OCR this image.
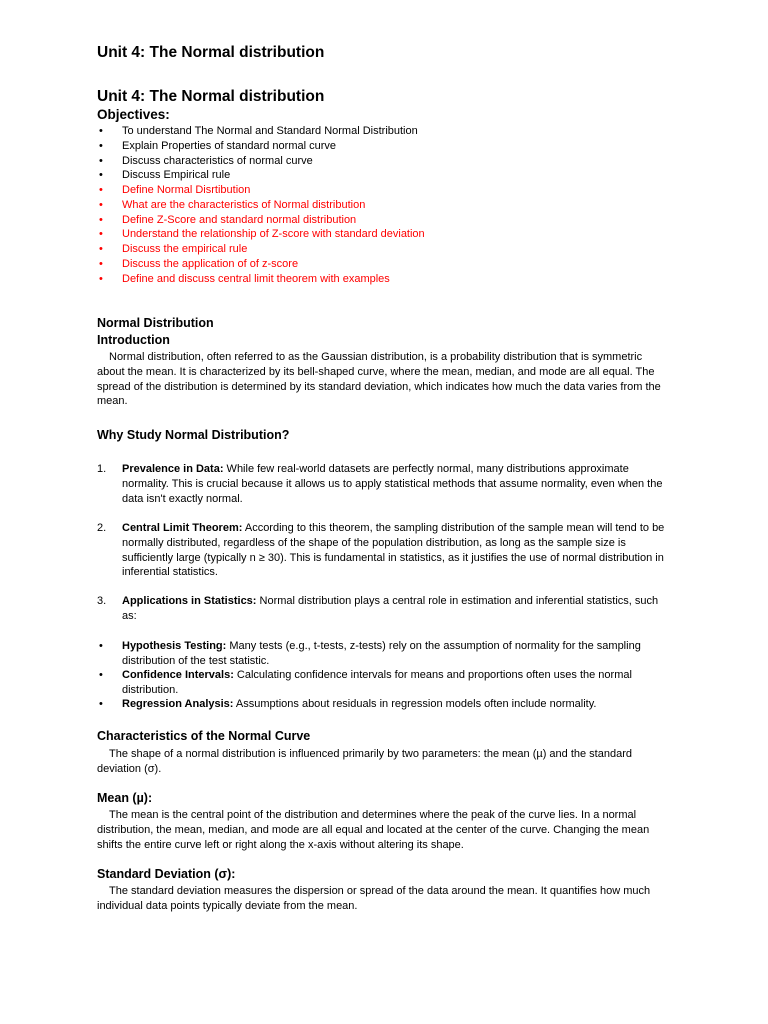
Unit 4: The Normal distribution
Unit 4: The Normal distribution
Objectives:
• To understand The Normal and Standard Normal Distribution
• Explain Properties of standard normal curve
• Discuss characteristics of normal curve
• Discuss Empirical rule
• Define Normal Disrtibution
• What are the characteristics of Normal distribution
• Define Z-Score and standard normal distribution
• Understand the relationship of Z-score with standard deviation
• Discuss the empirical rule
• Discuss the application of of z-score
• Define and discuss central limit theorem with examples
Normal Distribution
Introduction
Normal distribution, often referred to as the Gaussian distribution, is a probability distribution that is symmetric about the mean. It is characterized by its bell-shaped curve, where the mean, median, and mode are all equal. The spread of the distribution is determined by its standard deviation, which indicates how much the data varies from the mean.
Why Study Normal Distribution?
1. Prevalence in Data: While few real-world datasets are perfectly normal, many distributions approximate normality. This is crucial because it allows us to apply statistical methods that assume normality, even when the data isn't exactly normal.
2. Central Limit Theorem: According to this theorem, the sampling distribution of the sample mean will tend to be normally distributed, regardless of the shape of the population distribution, as long as the sample size is sufficiently large (typically n ≥ 30). This is fundamental in statistics, as it justifies the use of normal distribution in inferential statistics.
3. Applications in Statistics: Normal distribution plays a central role in estimation and inferential statistics, such as:
• Hypothesis Testing: Many tests (e.g., t-tests, z-tests) rely on the assumption of normality for the sampling distribution of the test statistic.
• Confidence Intervals: Calculating confidence intervals for means and proportions often uses the normal distribution.
• Regression Analysis: Assumptions about residuals in regression models often include normality.
Characteristics of the Normal Curve
The shape of a normal distribution is influenced primarily by two parameters: the mean (µ) and the standard deviation (σ).
Mean (µ):
The mean is the central point of the distribution and determines where the peak of the curve lies. In a normal distribution, the mean, median, and mode are all equal and located at the center of the curve. Changing the mean shifts the entire curve left or right along the x-axis without altering its shape.
Standard Deviation (σ):
The standard deviation measures the dispersion or spread of the data around the mean. It quantifies how much individual data points typically deviate from the mean.
